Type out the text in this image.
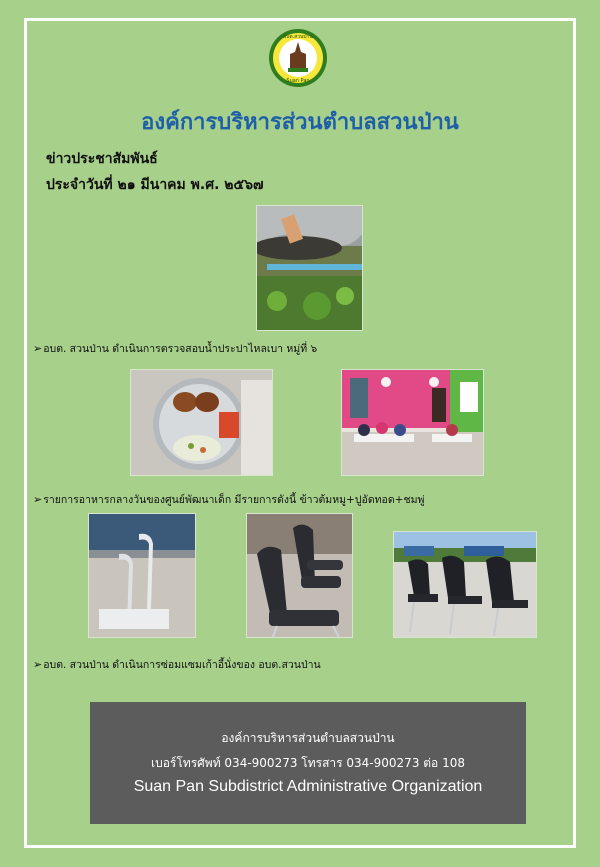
อบต.สวนป่าน
Suan Pan
องค์การบริหารส่วนตำบลสวนป่าน
ข่าวประชาสัมพันธ์
ประจำวันที่ ๒๑ มีนาคม พ.ศ. ๒๕๖๗
➢อบต. สวนป่าน ดำเนินการตรวจสอบน้ำประปาไหลเบา หมู่ที่ ๖
➢รายการอาหารกลางวันของศูนย์พัฒนาเด็ก มีรายการดังนี้ ข้าวต้มหมู+ปูอัดทอด+ชมพู่
➢อบต. สวนป่าน ดำเนินการซ่อมแซมเก้าอี้นั่งของ อบต.สวนป่าน
องค์การบริหารส่วนตำบลสวนป่าน
เบอร์โทรศัพท์ 034-900273 โทรสาร 034-900273 ต่อ 108
Suan Pan Subdistrict Administrative Organization
